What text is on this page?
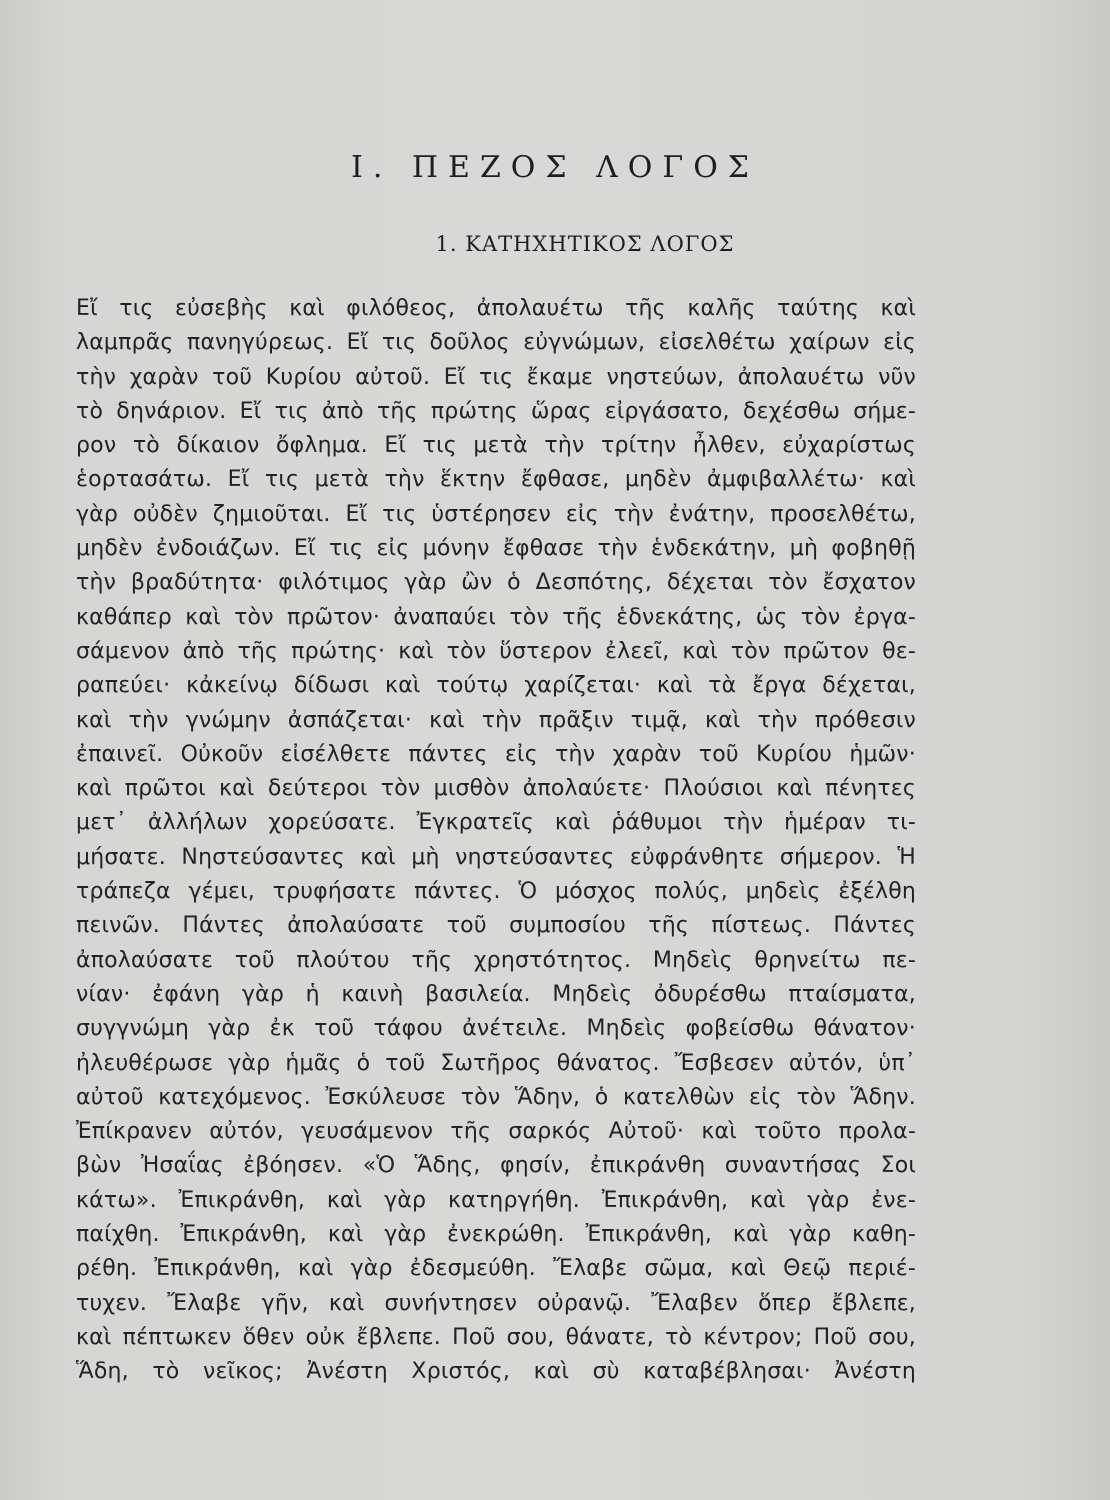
Ι. ΠΕΖΟΣ ΛΟΓΟΣ
1. ΚΑΤΗΧΗΤΙΚΟΣ ΛΟΓΟΣ
Εἴ τις εὐσεβὴς καὶ φιλόθεος, ἀπολαυέτω τῆς καλῆς ταύτης καὶ
λαμπρᾶς πανηγύρεως. Εἴ τις δοῦλος εὐγνώμων, εἰσελθέτω χαίρων εἰς
τὴν χαρὰν τοῦ Κυρίου αὐτοῦ. Εἴ τις ἔκαμε νηστεύων, ἀπολαυέτω νῦν
τὸ δηνάριον. Εἴ τις ἀπὸ τῆς πρώτης ὥρας εἰργάσατο, δεχέσθω σήμε-
ρον τὸ δίκαιον ὄφλημα. Εἴ τις μετὰ τὴν τρίτην ἦλθεν, εὐχαρίστως
ἑορτασάτω. Εἴ τις μετὰ τὴν ἕκτην ἔφθασε, μηδὲν ἀμφιβαλλέτω· καὶ
γὰρ οὐδὲν ζημιοῦται. Εἴ τις ὑστέρησεν εἰς τὴν ἐνάτην, προσελθέτω,
μηδὲν ἐνδοιάζων. Εἴ τις εἰς μόνην ἔφθασε τὴν ἑνδεκάτην, μὴ φοβηθῇ
τὴν βραδύτητα· φιλότιμος γὰρ ὢν ὁ Δεσπότης, δέχεται τὸν ἔσχατον
καθάπερ καὶ τὸν πρῶτον· ἀναπαύει τὸν τῆς ἑδνεκάτης, ὡς τὸν ἐργα-
σάμενον ἀπὸ τῆς πρώτης· καὶ τὸν ὕστερον ἐλεεῖ, καὶ τὸν πρῶτον θε-
ραπεύει· κἀκείνῳ δίδωσι καὶ τούτῳ χαρίζεται· καὶ τὰ ἔργα δέχεται,
καὶ τὴν γνώμην ἀσπάζεται· καὶ τὴν πρᾶξιν τιμᾷ, καὶ τὴν πρόθεσιν
ἐπαινεῖ. Οὐκοῦν εἰσέλθετε πάντες εἰς τὴν χαρὰν τοῦ Κυρίου ἡμῶν·
καὶ πρῶτοι καὶ δεύτεροι τὸν μισθὸν ἀπολαύετε· Πλούσιοι καὶ πένητες
μετ᾽ ἀλλήλων χορεύσατε. Ἐγκρατεῖς καὶ ῥάθυμοι τὴν ἡμέραν τι-
μήσατε. Νηστεύσαντες καὶ μὴ νηστεύσαντες εὐφράνθητε σήμερον. Ἡ
τράπεζα γέμει, τρυφήσατε πάντες. Ὁ μόσχος πολύς, μηδεὶς ἐξέλθη
πεινῶν. Πάντες ἀπολαύσατε τοῦ συμποσίου τῆς πίστεως. Πάντες
ἀπολαύσατε τοῦ πλούτου τῆς χρηστότητος. Μηδεὶς θρηνείτω πε-
νίαν· ἐφάνη γὰρ ἡ καινὴ βασιλεία. Μηδεὶς ὀδυρέσθω πταίσματα,
συγγνώμη γὰρ ἐκ τοῦ τάφου ἀνέτειλε. Μηδεὶς φοβείσθω θάνατον·
ἠλευθέρωσε γὰρ ἡμᾶς ὁ τοῦ Σωτῆρος θάνατος. Ἔσβεσεν αὐτόν, ὑπ᾽
αὐτοῦ κατεχόμενος. Ἐσκύλευσε τὸν Ἅδην, ὁ κατελθὼν εἰς τὸν Ἅδην.
Ἐπίκρανεν αὐτόν, γευσάμενον τῆς σαρκός Αὐτοῦ· καὶ τοῦτο προλα-
βὼν Ἠσαΐας ἐβόησεν. «Ὁ Ἅδης, φησίν, ἐπικράνθη συναντήσας Σοι
κάτω». Ἐπικράνθη, καὶ γὰρ κατηργήθη. Ἐπικράνθη, καὶ γὰρ ἐνε-
παίχθη. Ἐπικράνθη, καὶ γὰρ ἐνεκρώθη. Ἐπικράνθη, καὶ γὰρ καθη-
ρέθη. Ἐπικράνθη, καὶ γὰρ ἐδεσμεύθη. Ἔλαβε σῶμα, καὶ Θεῷ περιέ-
τυχεν. Ἔλαβε γῆν, καὶ συνήντησεν οὐρανῷ. Ἔλαβεν ὅπερ ἔβλεπε,
καὶ πέπτωκεν ὅθεν οὐκ ἔβλεπε. Ποῦ σου, θάνατε, τὸ κέντρον; Ποῦ σου,
Ἅδη, τὸ νεῖκος; Ἀνέστη Χριστός, καὶ σὺ καταβέβλησαι· Ἀνέστη
